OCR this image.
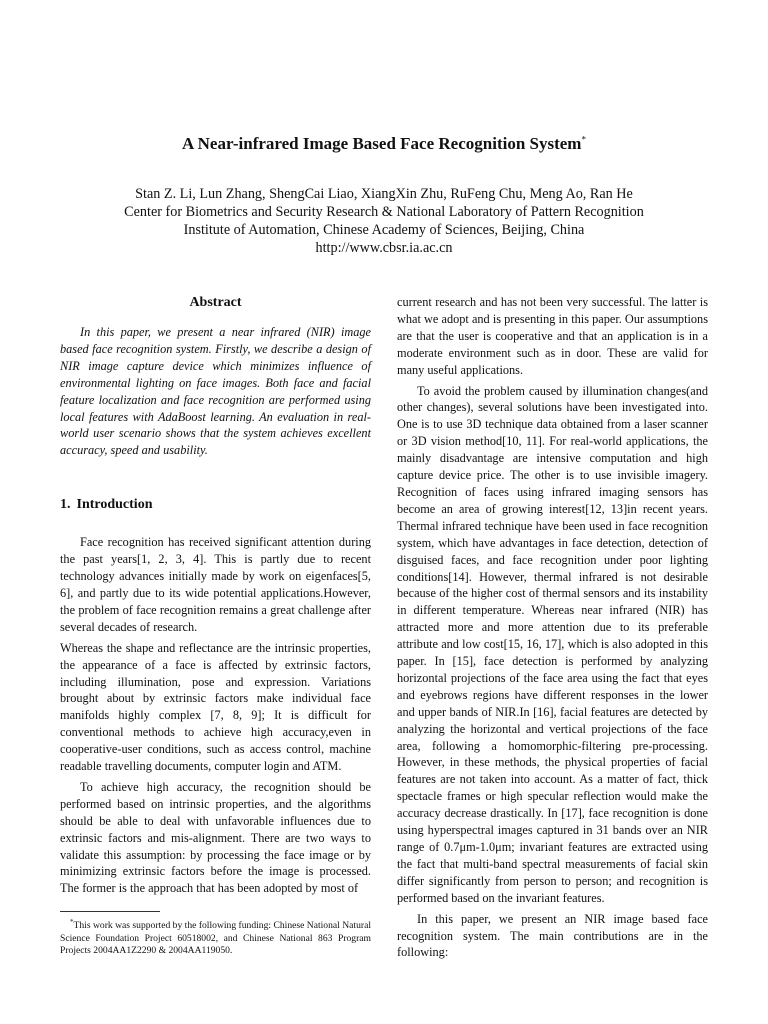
A Near-infrared Image Based Face Recognition System*
Stan Z. Li, Lun Zhang, ShengCai Liao, XiangXin Zhu, RuFeng Chu, Meng Ao, Ran He
Center for Biometrics and Security Research & National Laboratory of Pattern Recognition
Institute of Automation, Chinese Academy of Sciences, Beijing, China
http://www.cbsr.ia.ac.cn
Abstract

In this paper, we present a near infrared (NIR) image based face recognition system. Firstly, we describe a design of NIR image capture device which minimizes influence of environmental lighting on face images. Both face and facial feature localization and face recognition are performed using local features with AdaBoost learning. An evaluation in real-world user scenario shows that the system achieves excellent accuracy, speed and usability.

1. Introduction

Face recognition has received significant attention during the past years[1, 2, 3, 4]. This is partly due to recent technology advances initially made by work on eigenfaces[5, 6], and partly due to its wide potential applications.However, the problem of face recognition remains a great challenge after several decades of research.

Whereas the shape and reflectance are the intrinsic properties, the appearance of a face is affected by extrinsic factors, including illumination, pose and expression. Variations brought about by extrinsic factors make individual face manifolds highly complex [7, 8, 9]; It is difficult for conventional methods to achieve high accuracy,even in cooperative-user conditions, such as access control, machine readable travelling documents, computer login and ATM.

To achieve high accuracy, the recognition should be performed based on intrinsic properties, and the algorithms should be able to deal with unfavorable influences due to extrinsic factors and mis-alignment. There are two ways to validate this assumption: by processing the face image or by minimizing extrinsic factors before the image is processed. The former is the approach that has been adopted by most of

*This work was supported by the following funding: Chinese National Natural Science Foundation Project 60518002, and Chinese National 863 Program Projects 2004AA1Z2290 & 2004AA119050.

current research and has not been very successful. The latter is what we adopt and is presenting in this paper. Our assumptions are that the user is cooperative and that an application is in a moderate environment such as in door. These are valid for many useful applications.

To avoid the problem caused by illumination changes(and other changes), several solutions have been investigated into. One is to use 3D technique data obtained from a laser scanner or 3D vision method[10, 11]. For real-world applications, the mainly disadvantage are intensive computation and high capture device price. The other is to use invisible imagery. Recognition of faces using infrared imaging sensors has become an area of growing interest[12, 13]in recent years. Thermal infrared technique have been used in face recognition system, which have advantages in face detection, detection of disguised faces, and face recognition under poor lighting conditions[14]. However, thermal infrared is not desirable because of the higher cost of thermal sensors and its instability in different temperature. Whereas near infrared (NIR) has attracted more and more attention due to its preferable attribute and low cost[15, 16, 17], which is also adopted in this paper. In [15], face detection is performed by analyzing horizontal projections of the face area using the fact that eyes and eyebrows regions have different responses in the lower and upper bands of NIR.In [16], facial features are detected by analyzing the horizontal and vertical projections of the face area, following a homomorphic-filtering pre-processing. However, in these methods, the physical properties of facial features are not taken into account. As a matter of fact, thick spectacle frames or high specular reflection would make the accuracy decrease drastically. In [17], face recognition is done using hyperspectral images captured in 31 bands over an NIR range of 0.7μm-1.0μm; invariant features are extracted using the fact that multi-band spectral measurements of facial skin differ significantly from person to person; and recognition is performed based on the invariant features.

In this paper, we present an NIR image based face recognition system. The main contributions are in the following:
